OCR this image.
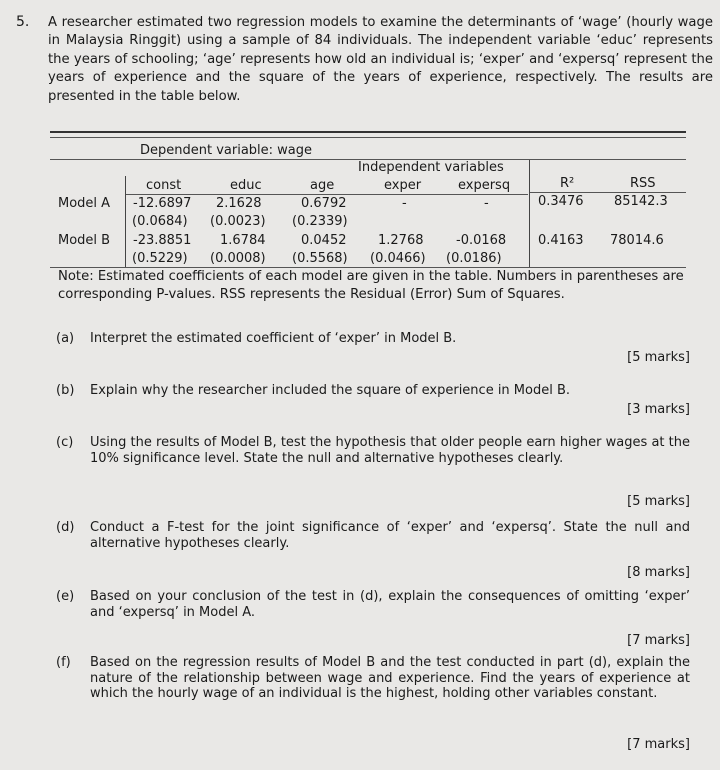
5. A researcher estimated two regression models to examine the determinants of ‘wage’ (hourly wage in Malaysia Ringgit) using a sample of 84 individuals. The independent variable ‘educ’ represents the years of schooling; ‘age’ represents how old an individual is; ‘exper’ and ‘expersq’ represent the years of experience and the square of the years of experience, respectively. The results are presented in the table below.
Dependent variable: wage
Independent variables
const	educ	age	exper	expersq	R²	RSS
Model A -12.6897 2.1628	0.6792	-	-	0.3476 85142.3
(0.0684) (0.0023) (0.2339)
Model B -23.8851 1.6784	0.0452 1.2768	-0.0168 0.4163 78014.6
(0.5229) (0.0008) (0.5568) (0.0466) (0.0186)
Note: Estimated coefficients of each model are given in the table. Numbers in parentheses are corresponding P-values. RSS represents the Residual (Error) Sum of Squares.
(a) Interpret the estimated coefficient of ‘exper’ in Model B.
[5 marks]
(b) Explain why the researcher included the square of experience in Model B.
[3 marks]
(c) Using the results of Model B, test the hypothesis that older people earn higher wages at the 10% significance level. State the null and alternative hypotheses clearly.
[5 marks]
(d) Conduct a F-test for the joint significance of ‘exper’ and ‘expersq’. State the null and alternative hypotheses clearly.
[8 marks]
(e) Based on your conclusion of the test in (d), explain the consequences of omitting ‘exper’ and ‘expersq’ in Model A.
[7 marks]
(f) Based on the regression results of Model B and the test conducted in part (d), explain the nature of the relationship between wage and experience. Find the years of experience at which the hourly wage of an individual is the highest, holding other variables constant.
[7 marks]
